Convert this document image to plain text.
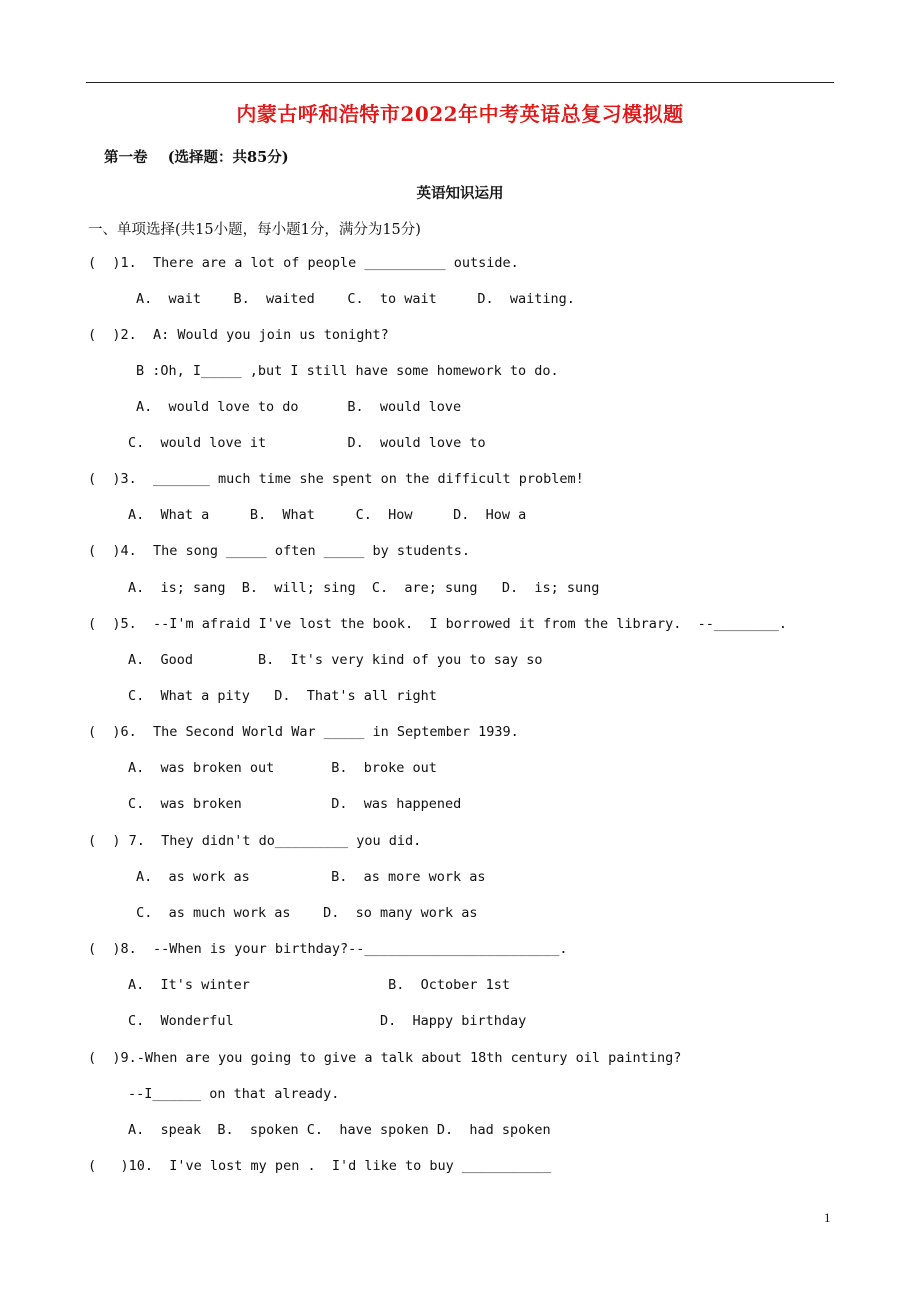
内蒙古呼和浩特市2022年中考英语总复习模拟题
第一卷    (选择题：共85分)
英语知识运用
一、单项选择(共15小题，每小题1分，满分为15分)
(  )1.  There are a lot of people __________ outside.
A.  wait    B.  waited    C.  to wait     D.  waiting.
(  )2.  A: Would you join us tonight?
B :Oh, I_____ ,but I still have some homework to do.
A.  would love to do      B.  would love
C.  would love it          D.  would love to
(  )3.  _______ much time she spent on the difficult problem!
A.  What a     B.  What     C.  How     D.  How a
(  )4.  The song _____ often _____ by students.
A.  is; sang  B.  will; sing  C.  are; sung   D.  is; sung
(  )5.  --I'm afraid I've lost the book.  I borrowed it from the library.  --________.
A.  Good        B.  It's very kind of you to say so
C.  What a pity   D.  That's all right
(  )6.  The Second World War _____ in September 1939.
A.  was broken out       B.  broke out
C.  was broken           D.  was happened
(  ) 7.  They didn't do_________ you did.
A.  as work as          B.  as more work as
C.  as much work as    D.  so many work as
(  )8.  --When is your birthday?--________________________.
A.  It's winter                 B.  October 1st
C.  Wonderful                  D.  Happy birthday
(  )9.-When are you going to give a talk about 18th century oil painting?
--I______ on that already.
A.  speak  B.  spoken C.  have spoken D.  had spoken
(   )10.  I've lost my pen .  I'd like to buy ___________
1
